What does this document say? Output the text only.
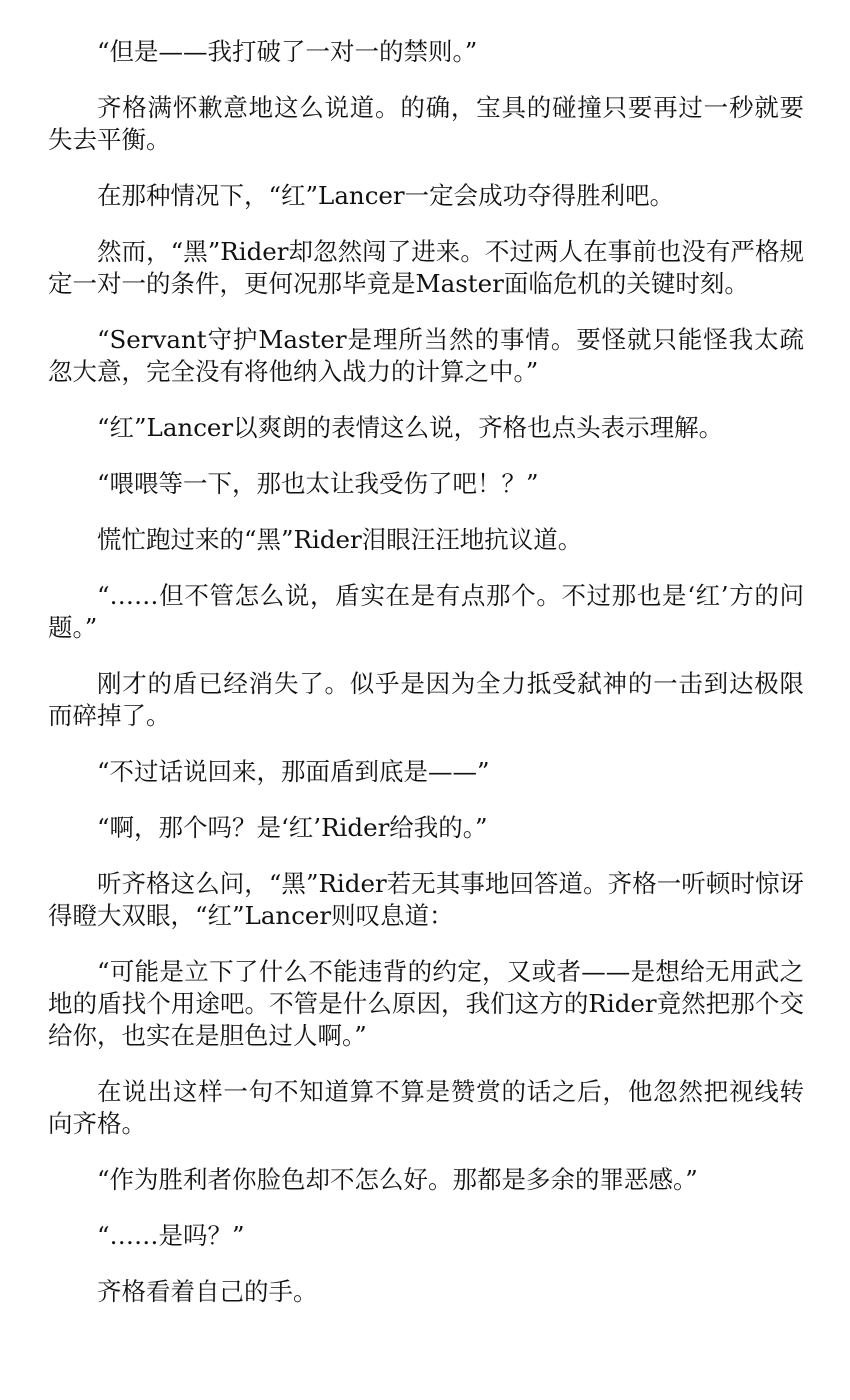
“但是——我打破了一对一的禁则。”

齐格满怀歉意地这么说道。的确，宝具的碰撞只要再过一秒就要失去平衡。

在那种情况下，“红”Lancer一定会成功夺得胜利吧。

然而，“黑”Rider却忽然闯了进来。不过两人在事前也没有严格规定一对一的条件，更何况那毕竟是Master面临危机的关键时刻。

“Servant守护Master是理所当然的事情。要怪就只能怪我太疏忽大意，完全没有将他纳入战力的计算之中。”

“红”Lancer以爽朗的表情这么说，齐格也点头表示理解。

“喂喂等一下，那也太让我受伤了吧！？”

慌忙跑过来的“黑”Rider泪眼汪汪地抗议道。

“……但不管怎么说，盾实在是有点那个。不过那也是‘红’方的问题。”

刚才的盾已经消失了。似乎是因为全力抵受弑神的一击到达极限而碎掉了。

“不过话说回来，那面盾到底是——”

“啊，那个吗？是‘红’Rider给我的。”

听齐格这么问，“黑”Rider若无其事地回答道。齐格一听顿时惊讶得瞪大双眼，“红”Lancer则叹息道：

“可能是立下了什么不能违背的约定，又或者——是想给无用武之地的盾找个用途吧。不管是什么原因，我们这方的Rider竟然把那个交给你，也实在是胆色过人啊。”

在说出这样一句不知道算不算是赞赏的话之后，他忽然把视线转向齐格。

“作为胜利者你脸色却不怎么好。那都是多余的罪恶感。”

“……是吗？”

齐格看着自己的手。
